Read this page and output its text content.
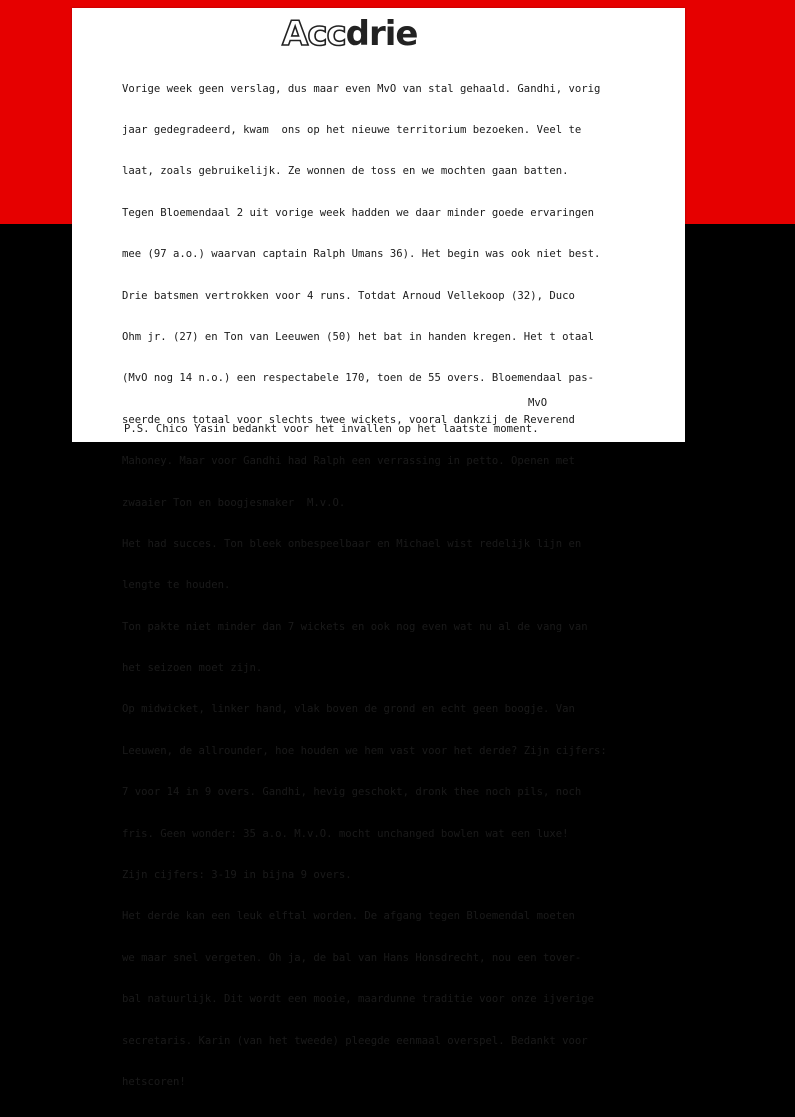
Accdrie

Vorige week geen verslag, dus maar even MvO van stal gehaald. Gandhi, vorig

jaar gedegradeerd, kwam  ons op het nieuwe territorium bezoeken. Veel te

laat, zoals gebruikelijk. Ze wonnen de toss en we mochten gaan batten.

Tegen Bloemendaal 2 uit vorige week hadden we daar minder goede ervaringen

mee (97 a.o.) waarvan captain Ralph Umans 36). Het begin was ook niet best.

Drie batsmen vertrokken voor 4 runs. Totdat Arnoud Vellekoop (32), Duco

Ohm jr. (27) en Ton van Leeuwen (50) het bat in handen kregen. Het t otaal

(MvO nog 14 n.o.) een respectabele 170, toen de 55 overs. Bloemendaal pas-

seerde ons totaal voor slechts twee wickets, vooral dankzij de Reverend

Mahoney. Maar voor Gandhi had Ralph een verrassing in petto. Openen met

zwaaier Ton en boogjesmaker  M.v.O.

Het had succes. Ton bleek onbespeelbaar en Michael wist redelijk lijn en

lengte te houden.

Ton pakte niet minder dan 7 wickets en ook nog even wat nu al de vang van

het seizoen moet zijn.

Op midwicket, linker hand, vlak boven de grond en echt geen boogje. Van

Leeuwen, de allrounder, hoe houden we hem vast voor het derde? Zijn cijfers:

7 voor 14 in 9 overs. Gandhi, hevig geschokt, dronk thee noch pils, noch

fris. Geen wonder: 35 a.o. M.v.O. mocht unchanged bowlen wat een luxe!

Zijn cijfers: 3-19 in bijna 9 overs.

Het derde kan een leuk elftal worden. De afgang tegen Bloemendal moeten

we maar snel vergeten. Oh ja, de bal van Hans Honsdrecht, nou een tover-

bal natuurlijk. Dit wordt een mooie, maardunne traditie voor onze ijverige

secretaris. Karin (van het tweede) pleegde eenmaal overspel. Bedankt voor

hetscoren!

MvO
P.S. Chico Yasin bedankt voor het invallen op het laatste moment.
